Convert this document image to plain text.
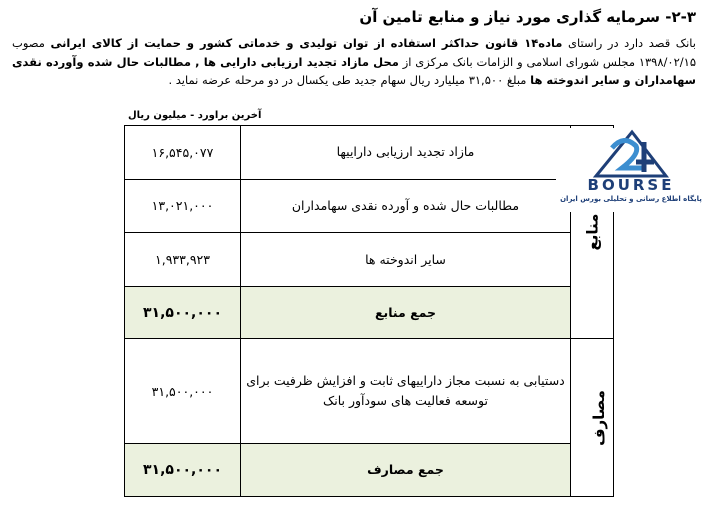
۲-۳- سرمایه گذاری مورد نیاز و منابع تامین آن
بانک قصد دارد در راستای ماده۱۴ قانون حداکثر استفاده از توان تولیدی و خدماتی کشور و حمایت از کالای ایرانی مصوب ۱۳۹۸/۰۲/۱۵ مجلس شورای اسلامی و الزامات بانک مرکزی از محل مازاد تجدید ارزیابی دارایی ها , مطالبات حال شده وآورده نقدی سهامداران و سایر اندوخته ها مبلغ ۳۱,۵۰۰ میلیارد ریال سهام جدید طی یکسال در دو مرحله عرضه نماید .
آخرین براورد - میلیون ریال
۱۶,۵۴۵,۰۷۷	مازاد تجدید ارزیابی داراییها	منابع
۱۳,۰۲۱,۰۰۰	مطالبات حال شده و آورده نقدی سهامداران	
۱,۹۳۳,۹۲۳	سایر اندوخته ها	
۳۱,۵۰۰,۰۰۰	جمع منابع	
۳۱,۵۰۰,۰۰۰	دستیابی به نسبت مجاز داراییهای ثابت و افزایش ظرفیت برای توسعه فعالیت های سودآور بانک	مصارف
۳۱,۵۰۰,۰۰۰	جمع مصارف	
BOURSE
پایگاه اطلاع رسانی و تحلیلی بورس ایران
